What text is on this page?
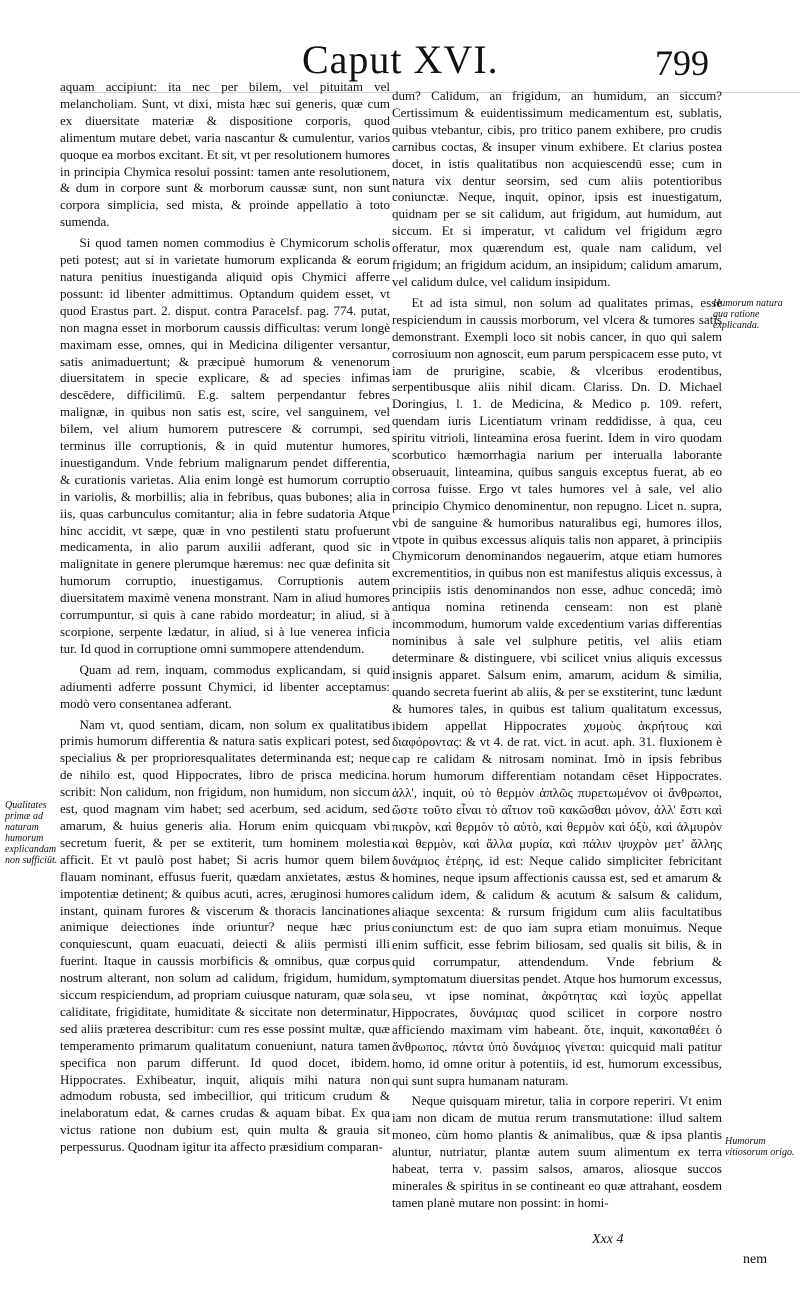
Caput XVI.	799

aquam accipiunt: ita nec per bilem, vel pituitam vel melancholiam. Sunt, vt dixi, mista hæc sui generis, quæ cum ex diuersitate materiæ & dispositione corporis, quod alimentum mutare debet, varia nascantur & cumulentur, varios quoque ea morbos excitant. Et sit, vt per resolutionem humores in principia Chymica resolui possint: tamen ante resolutionem, & dum in corpore sunt & morborum caussæ sunt, non sunt corpora simplicia, sed mista, & proinde appellatio à toto sumenda.

Si quod tamen nomen commodius è Chymicorum scholis peti potest; aut si in varietate humorum explicanda & eorum natura penitius inuestiganda aliquid opis Chymici afferre possunt: id libenter admittimus. Optandum quidem esset, vt quod Erastus part. 2. disput. contra Paracelsf. pag. 774. putat, non magna esset in morborum caussis difficultas: verum longè maximam esse, omnes, qui in Medicina diligenter versantur, satis animaduertunt; & præcipuè humorum & venenorum diuersitatem in specie explicare, & ad species infimas descēdere, difficilimū. E.g. saltem perpendantur febres malignæ, in quibus non satis est, scire, vel sanguinem, vel bilem, vel alium humorem putrescere & corrumpi, sed terminus ille corruptionis, & in quid mutentur humores, inuestigandum. Vnde febrium malignarum pendet differentia, & curationis varietas. Alia enim longè est humorum corruptio in variolis, & morbillis; alia in febribus, quas bubones; alia in iis, quas carbunculus comitantur; alia in febre sudatoria Atque hinc accidit, vt sæpe, quæ in vno pestilenti statu profuerunt medicamenta, in alio parum auxilii adferant, quod sic in malignitate in genere plerumque hæremus: nec quæ definita sit humorum corruptio, inuestigamus. Corruptionis autem diuersitatem maximè venena monstrant. Nam in aliud humores corrumpuntur, si quis à cane rabido mordeatur; in aliud, si à scorpione, serpente lædatur, in aliud, si à lue venerea inficia tur. Id quod in corruptione omni summopere attendendum.

Quam ad rem, inquam, commodus explicandam, si quid adiumenti adferre possunt Chymici, id libenter acceptamus: modò vero consentanea adferant.

Nam vt, quod sentiam, dicam, non solum ex qualitatibus primis humorum differentia & natura satis explicari potest, sed specialius & per proprioresqualitates determinanda est; neque de nihilo est, quod Hippocrates, libro de prisca medicina. scribit: Non calidum, non frigidum, non humidum, non siccum est, quod magnam vim habet; sed acerbum, sed acidum, sed amarum, & huius generis alia. Horum enim quicquam vbi secretum fuerit, & per se extiterit, tum hominem molestia afficit. Et vt paulò post habet; Si acris humor quem bilem flauam nominant, effusus fuerit, quædam anxietates, æstus & impotentiæ detinent; & quibus acuti, acres, æruginosi humores instant, quinam furores & viscerum & thoracis lancinationes animique deiectiones inde oriuntur? neque hæc prius conquiescunt, quam euacuati, deiecti & aliis permisti illi fuerint. Itaque in caussis morbificis & omnibus, quæ corpus nostrum alterant, non solum ad calidum, frigidum, humidum, siccum respiciendum, ad propriam cuiusque naturam, quæ sola caliditate, frigiditate, humiditate & siccitate non determinatur, sed aliis præterea describitur: cum res esse possint multæ, quæ temperamento primarum qualitatum conueniunt, natura tamen specifica non parum differunt. Id quod docet, ibidem. Hippocrates. Exhibeatur, inquit, aliquis mihi natura non admodum robusta, sed imbecillior, qui triticum crudum & inelaboratum edat, & carnes crudas & aquam bibat. Ex qua victus ratione non dubium est, quin multa & grauia sit perpessurus. Quodnam igitur ita affecto præsidium comparan-

dum? Calidum, an frigidum, an humidum, an siccum? Certissimum & euidentissimum medicamentum est, sublatis, quibus vtebantur, cibis, pro tritico panem exhibere, pro crudis carnibus coctas, & insuper vinum exhibere. Et clarius postea docet, in istis qualitatibus non acquiescendū esse; cum in natura vix dentur seorsim, sed cum aliis potentioribus coniunctæ. Neque, inquit, opinor, ipsis est inuestigatum, quidnam per se sit calidum, aut frigidum, aut humidum, aut siccum. Et si imperatur, vt calidum vel frigidum ægro offeratur, mox quærendum est, quale nam calidum, vel frigidum; an frigidum acidum, an insipidum; calidum amarum, vel calidum dulce, vel calidum insipidum.

Et ad ista simul, non solum ad qualitates primas, esse respiciendum in caussis morborum, vel vlcera & tumores satis demonstrant. Exempli loco sit nobis cancer, in quo qui salem corrosiuum non agnoscit, eum parum perspicacem esse puto, vt iam de pruriginе, scabie, & vlceribus erodentibus, serpentibusque aliis nihil dicam. Clariss. Dn. D. Michael Doringius, l. 1. de Medicina, & Medico p. 109. refert, quendam iuris Licentiatum vrinam reddidisse, à qua, ceu spiritu vitrioli, linteamina erosa fuerint. Idem in viro quodam scorbutico hæmorrhagia narium per interualla laborante obseruauit, linteamina, quibus sanguis exceptus fuerat, ab eo corrosa fuisse. Ergo vt tales humores vel à sale, vel alio principio Chymico denominentur, non repugno. Licet n. supra, vbi de sanguine & humoribus naturalibus egi, humores illos, vtpote in quibus excessus aliquis talis non apparet, à principiis Chymicorum denominandos negauerim, atque etiam humores excrementitios, in quibus non est manifestus aliquis excessus, à principiis istis denominandos non esse, adhuc concedā; imò antiqua nomina retinenda censeam: non est planè incommodum, humorum valde excedentium varias differentias nominibus à sale vel sulphure petitis, vel aliis etiam determinare & distinguere, vbi scilicet vnius aliquis excessus insignis apparet. Salsum enim, amarum, acidum & similia, quando secreta fuerint ab aliis, & per se exstiterint, tunc lædunt & humores tales, in quibus est talium qualitatum excessus, ibidem appellat Hippocrates χυμοὺς ἀκρήτους καὶ διαφόροντας: & vt 4. de rat. vict. in acut. aph. 31. fluxionem è cap re calidam & nitrosam nominat. Imò in ipsis febribus horum humorum differentiam notandam cēset Hippocrates. ἀλλ', inquit, οὐ τὸ θερμὸν ἁπλῶς πυρετωμένον οἱ ἄνθρωποι, ὥστε τοῦτο εἶναι τὸ αἴτιον τοῦ κακῶσθαι μόνον, ἀλλ' ἔστι καὶ πικρὸν, καὶ θερμὸν τὸ αὐτὸ, καὶ θερμὸν καὶ ὀξὺ, καὶ ἁλμυρὸν καὶ θερμὸν, καὶ ἄλλα μυρία, καὶ πάλιν ψυχρὸν μετ' ἄλλης δυνάμιος ἑτέρης, id est: Neque calido simpliciter febricitant homines, neque ipsum affectionis caussa est, sed et amarum & calidum idem, & calidum & acutum & salsum & calidum, aliaque sexcenta: & rursum frigidum cum aliis facultatibus coniunctum est: de quo iam supra etiam monuimus. Neque enim sufficit, esse febrim biliosam, sed qualis sit bilis, & in quid corrumpatur, attendendum. Vnde febrium & symptomatum diuersitas pendet. Atque hos humorum excessus, seu, vt ipse nominat, ἀκρότητας καὶ ἰσχὺς appellat Hippocrates, δυνάμιας quod scilicet in corpore nostro afficiendo maximam vim habeant. ὅτε, inquit, κακοπαθέει ὁ ἄνθρωπος, πάντα ὑπὸ δυνάμιος γίνεται: quicquid mali patitur homo, id omne oritur à potentiis, id est, humorum excessibus, qui sunt supra humanam naturam.

Neque quisquam miretur, talia in corpore reperiri. Vt enim iam non dicam de mutua rerum transmutatione: illud saltem moneo, cùm homo plantis & animalibus, quæ & ipsa plantis aluntur, nutriatur, plantæ autem suum alimentum ex terra habeat, terra v. passim salsos, amaros, aliosque succos minerales & spiritus in se contineant eo quæ attrahant, eosdem tamen planè mutare non possint: in homi-

Qualitates primæ ad naturam humorum explicandam non sufficiūt.
Humorum natura qua ratione explicanda.
Humorum vitiosorum origo.
Xxx 4
nem
